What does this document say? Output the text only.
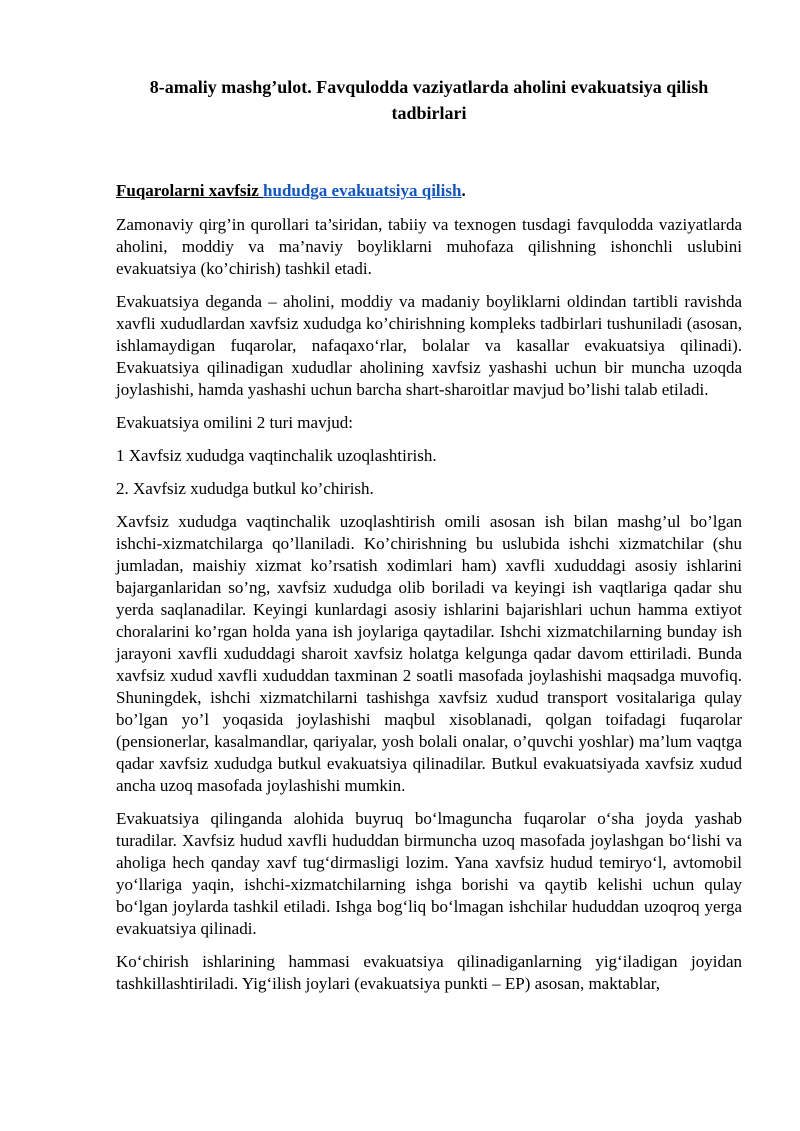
8-amaliy mashg’ulot. Favqulodda vaziyatlarda aholini evakuatsiya qilish tadbirlari
Fuqarolarni xavfsiz hududga evakuatsiya qilish.

Zamonaviy qirg’in qurollari ta’siridan, tabiiy va texnogen tusdagi favqulodda vaziyatlarda aholini, moddiy va ma’naviy boyliklarni muhofaza qilishning ishonchli uslubini evakuatsiya (ko’chirish) tashkil etadi.

Evakuatsiya deganda – aholini, moddiy va madaniy boyliklarni oldindan tartibli ravishda xavfli xududlardan xavfsiz xududga ko’chirishning kompleks tadbirlari tushuniladi (asosan, ishlamaydigan fuqarolar, nafaqaxo‘rlar, bolalar va kasallar evakuatsiya qilinadi). Evakuatsiya qilinadigan xududlar aholining xavfsiz yashashi uchun bir muncha uzoqda joylashishi, hamda yashashi uchun barcha shart-sharoitlar mavjud bo’lishi talab etiladi.

Evakuatsiya omilini 2 turi mavjud:

1 Xavfsiz xududga vaqtinchalik uzoqlashtirish.

2. Xavfsiz xududga butkul ko’chirish.

Xavfsiz xududga vaqtinchalik uzoqlashtirish omili asosan ish bilan mashg’ul bo’lgan ishchi-xizmatchilarga qo’llaniladi. Ko’chirishning bu uslubida ishchi xizmatchilar (shu jumladan, maishiy xizmat ko’rsatish xodimlari ham) xavfli xududdagi asosiy ishlarini bajarganlaridan so’ng, xavfsiz xududga olib boriladi va keyingi ish vaqtlariga qadar shu yerda saqlanadilar. Keyingi kunlardagi asosiy ishlarini bajarishlari uchun hamma extiyot choralarini ko’rgan holda yana ish joylariga qaytadilar. Ishchi xizmatchilarning bunday ish jarayoni xavfli xududdagi sharoit xavfsiz holatga kelgunga qadar davom ettiriladi. Bunda xavfsiz xudud xavfli xududdan taxminan 2 soatli masofada joylashishi maqsadga muvofiq. Shuningdek, ishchi xizmatchilarni tashishga xavfsiz xudud transport vositalariga qulay bo’lgan yo’l yoqasida joylashishi maqbul xisoblanadi, qolgan toifadagi fuqarolar (pensionerlar, kasalmandlar, qariyalar, yosh bolali onalar, o’quvchi yoshlar) ma’lum vaqtga qadar xavfsiz xududga butkul evakuatsiya qilinadilar. Butkul evakuatsiyada xavfsiz xudud ancha uzoq masofada joylashishi mumkin.

Evakuatsiya qilinganda alohida buyruq bo‘lmaguncha fuqarolar o‘sha joyda yashab turadilar. Xavfsiz hudud xavfli hududdan birmuncha uzoq masofada joylashgan bo‘lishi va aholiga hech qanday xavf tug‘dirmasligi lozim. Yana xavfsiz hudud temiryo‘l, avtomobil yo‘llariga yaqin, ishchi-xizmatchilarning ishga borishi va qaytib kelishi uchun qulay bo‘lgan joylarda tashkil etiladi. Ishga bog‘liq bo‘lmagan ishchilar hududdan uzoqroq yerga evakuatsiya qilinadi.

Ko‘chirish ishlarining hammasi evakuatsiya qilinadiganlarning yig‘iladigan joyidan tashkillashtiriladi. Yig‘ilish joylari (evakuatsiya punkti – EP) asosan, maktablar,
